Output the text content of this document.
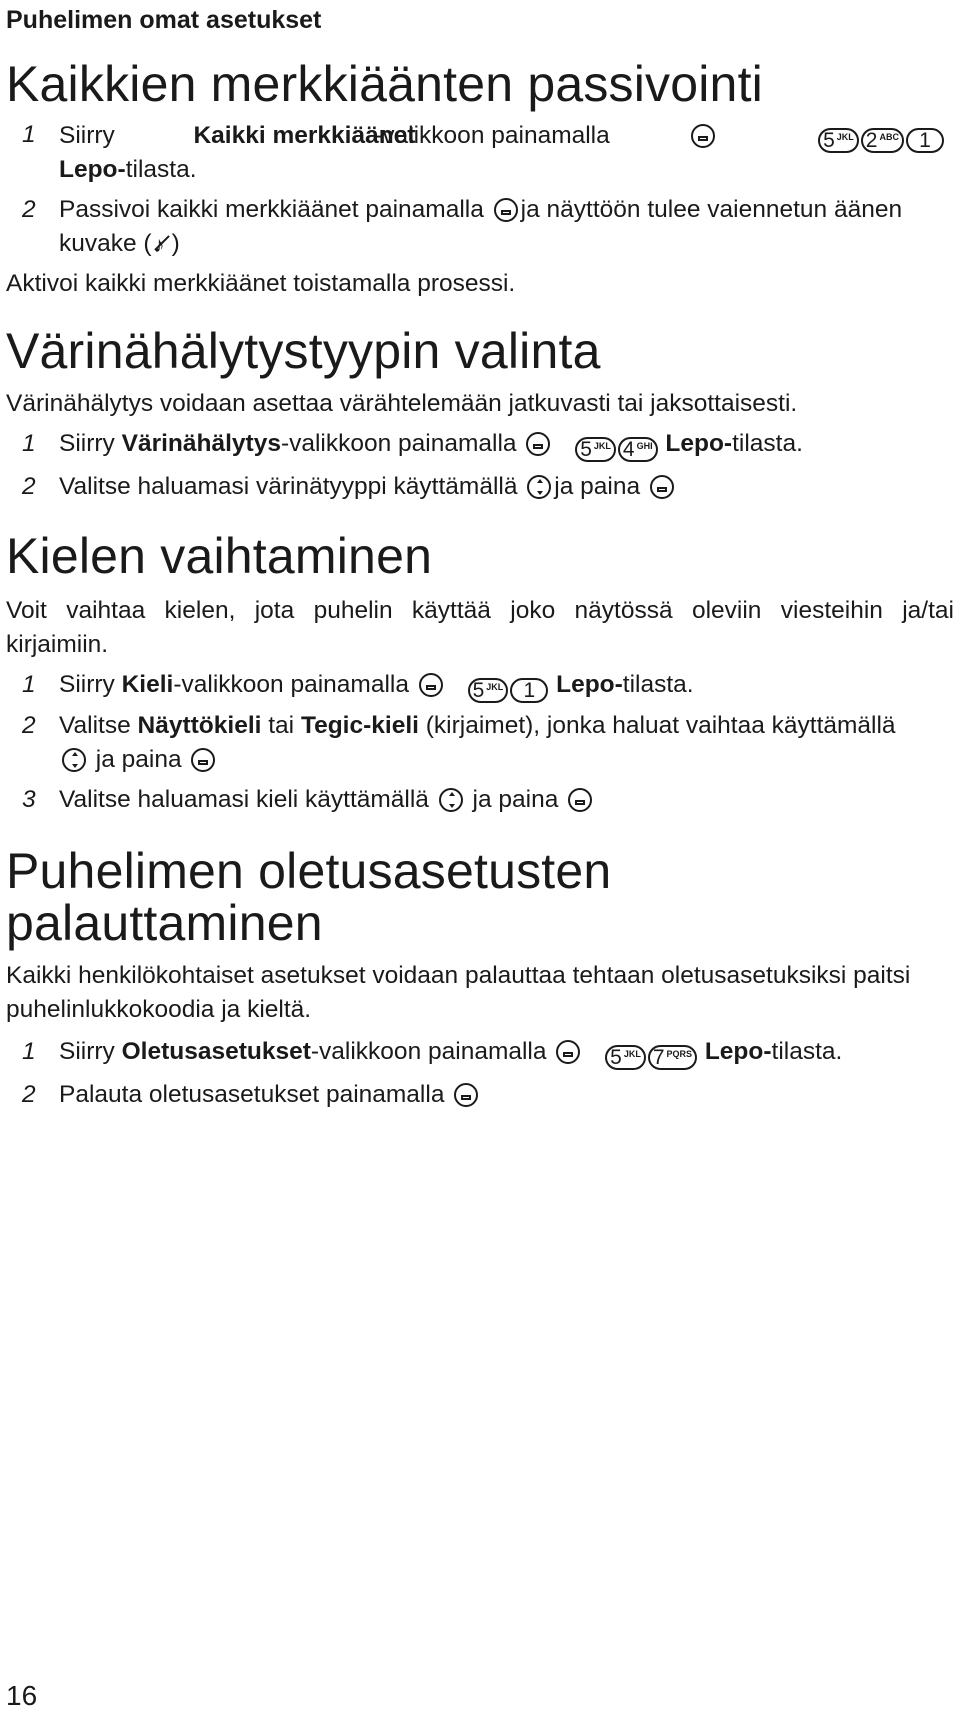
Puhelimen omat asetukset
Kaikkien merkkiäänten passivointi
1 Siirry	Kaikki merkkiäänet
-valikkoon painamalla	$5_{JKL}$ $2_{ABC}$ 1
Lepo-tilasta.
2 Passivoi kaikki merkkiäänet painamalla ja näyttöön tulee vaiennetun äänen
kuvake (♪ )

Aktivoi kaikki merkkiäänet toistamalla prosessi.

Värinähälytystyypin valinta

Värinähälytys voidaan asettaa värähtelemään jatkuvasti tai jaksottaisesti.

1 Siirry Värinähälytys-valikkoon painamalla	$5_{JKL}$ $4_{GHI}$ Lepo-tilasta.
2 Valitse haluamasi värinätyyppi käyttämällä ja paina
Kielen vaihtaminen

Voit vaihtaa kielen, jota puhelin käyttää joko näytössä oleviin viesteihin ja/tai

kirjaimiin.

1 Siirry Kieli-valikkoon painamalla	$5_{JKL}$ 1 Lepo-tilasta.
2 Valitse Näyttökieli tai Tegic-kieli (kirjaimet), jonka haluat vaihtaa käyttämällä
ja paina
3 Valitse haluamasi kieli käyttämällä  ja paina
Puhelimen oletusasetusten
palauttaminen

Kaikki henkilökohtaiset asetukset voidaan palauttaa tehtaan oletusasetuksiksi paitsi

puhelinlukkokoodia ja kieltä.

1 Siirry Oletusasetukset-valikkoon painamalla	$5_{JKL}$ $7_{PQRS}$ Lepo-tilasta.
2 Palauta oletusasetukset painamalla
16
